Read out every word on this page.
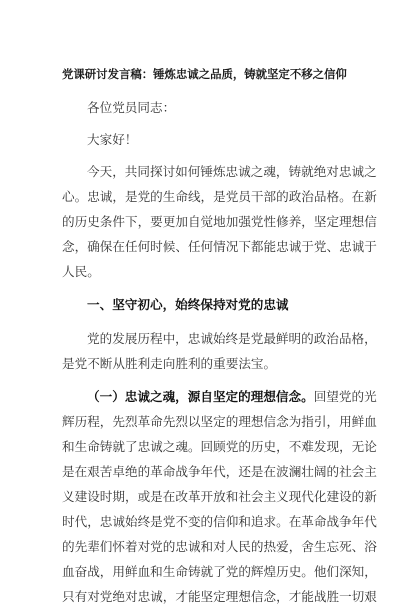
党课研讨发言稿：锤炼忠诚之品质，铸就坚定不移之信仰
各位党员同志：
大家好！
今天，共同探讨如何锤炼忠诚之魂，铸就绝对忠诚之
心。忠诚，是党的生命线，是党员干部的政治品格。在新
的历史条件下，要更加自觉地加强党性修养，坚定理想信
念，确保在任何时候、任何情况下都能忠诚于党、忠诚于
人民。
一、坚守初心，始终保持对党的忠诚
党的发展历程中，忠诚始终是党最鲜明的政治品格，
是党不断从胜利走向胜利的重要法宝。
（一）忠诚之魂，源自坚定的理想信念。回望党的光
辉历程，先烈革命先烈以坚定的理想信念为指引，用鲜血
和生命铸就了忠诚之魂。回顾党的历史，不难发现，无论
是在艰苦卓绝的革命战争年代，还是在波澜壮阔的社会主
义建设时期，或是在改革开放和社会主义现代化建设的新
时代，忠诚始终是党不变的信仰和追求。在革命战争年代
的先辈们怀着对党的忠诚和对人民的热爱，舍生忘死、浴
血奋战，用鲜血和生命铸就了党的辉煌历史。他们深知，
只有对党绝对忠诚，才能坚定理想信念，才能战胜一切艰
